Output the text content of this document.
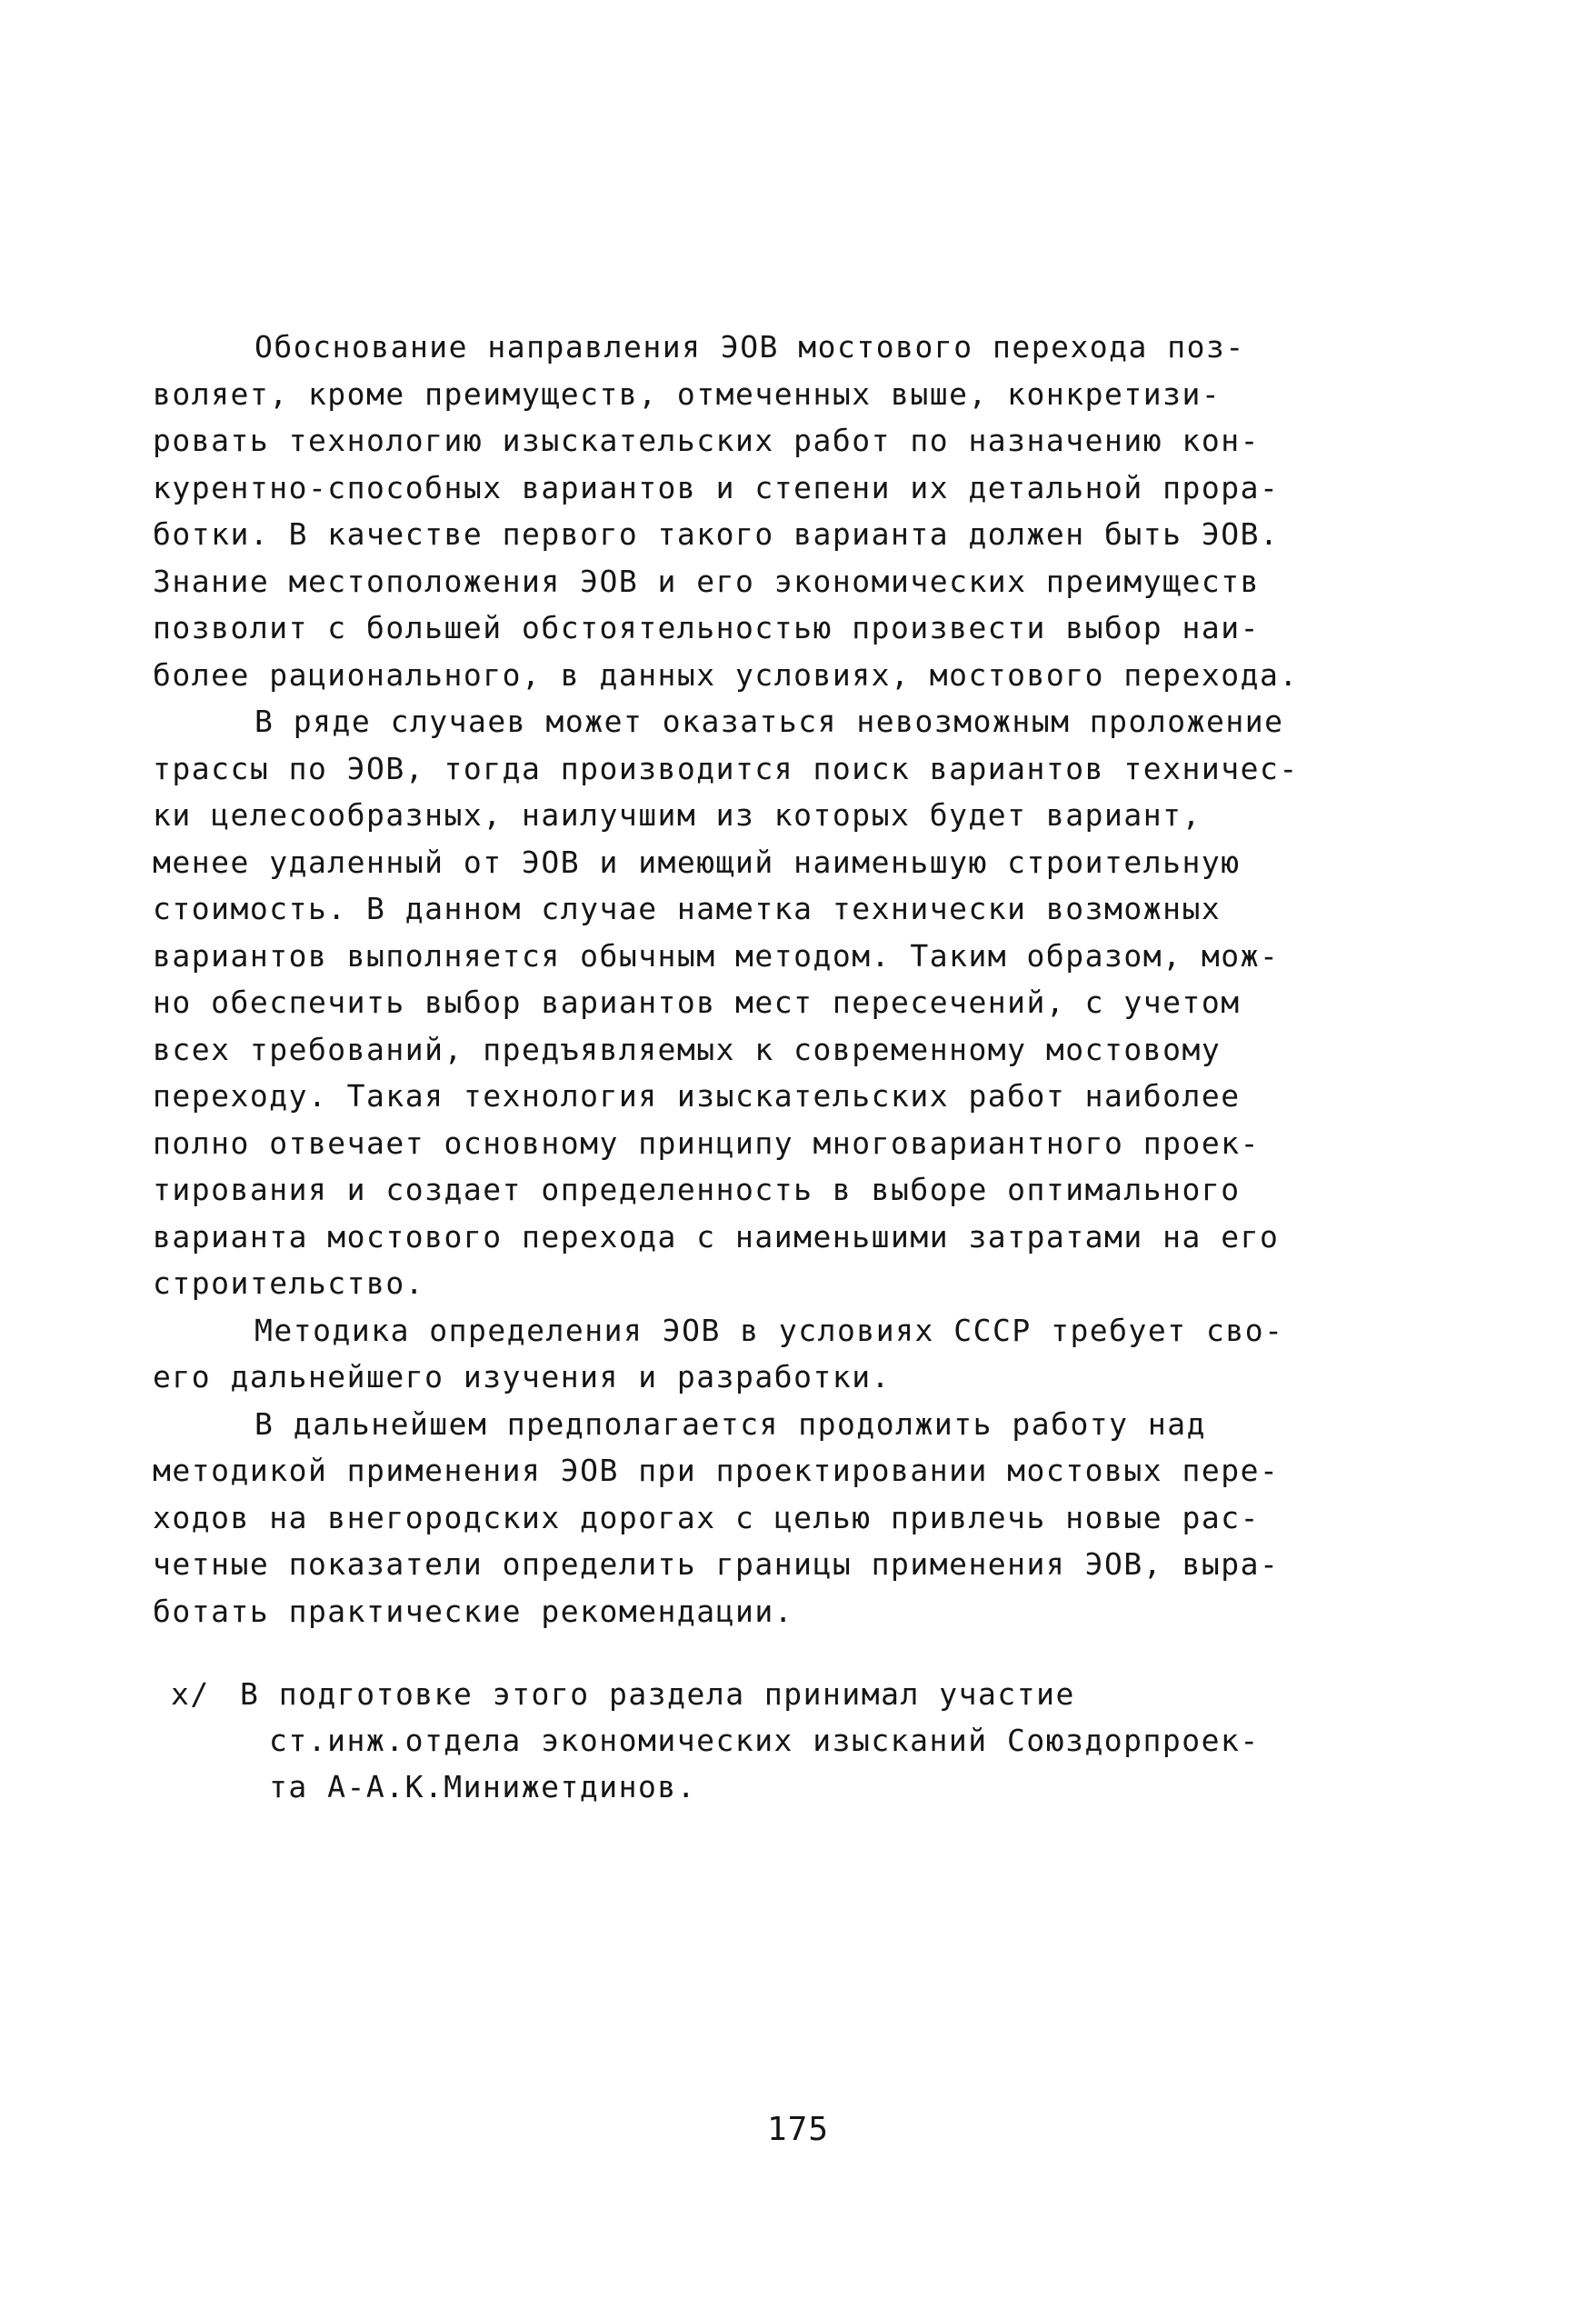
Обоснование направления ЭОВ мостового перехода поз-
воляет, кроме преимуществ, отмеченных выше, конкретизи-
ровать технологию изыскательских работ по назначению кон-
курентно-способных вариантов и степени их детальной прора-
ботки. В качестве первого такого варианта должен быть ЭОВ.
Знание местоположения ЭОВ и его экономических преимуществ
позволит с большей обстоятельностью произвести выбор наи-
более рационального, в данных условиях, мостового перехода.
В ряде случаев может оказаться невозможным проложение
трассы по ЭОВ, тогда производится поиск вариантов техничес-
ки целесообразных, наилучшим из которых будет вариант,
менее удаленный от ЭОВ и имеющий наименьшую строительную
стоимость. В данном случае наметка технически возможных
вариантов выполняется обычным методом. Таким образом, мож-
но обеспечить выбор вариантов мест пересечений, с учетом
всех требований, предъявляемых к современному мостовому
переходу. Такая технология изыскательских работ наиболее
полно отвечает основному принципу многовариантного проек-
тирования и создает определенность в выборе оптимального
варианта мостового перехода с наименьшими затратами на его
строительство.
Методика определения ЭОВ в условиях СССР требует сво-
его дальнейшего изучения и разработки.
В дальнейшем предполагается продолжить работу над
методикой применения ЭОВ при проектировании мостовых пере-
ходов на внегородских дорогах с целью привлечь новые рас-
четные показатели определить границы применения ЭОВ, выра-
ботать практические рекомендации.
x/ В подготовке этого раздела принимал участие
ст.инж.отдела экономических изысканий Союздорпроек-
та А-А.К.Минижетдинов.
175
